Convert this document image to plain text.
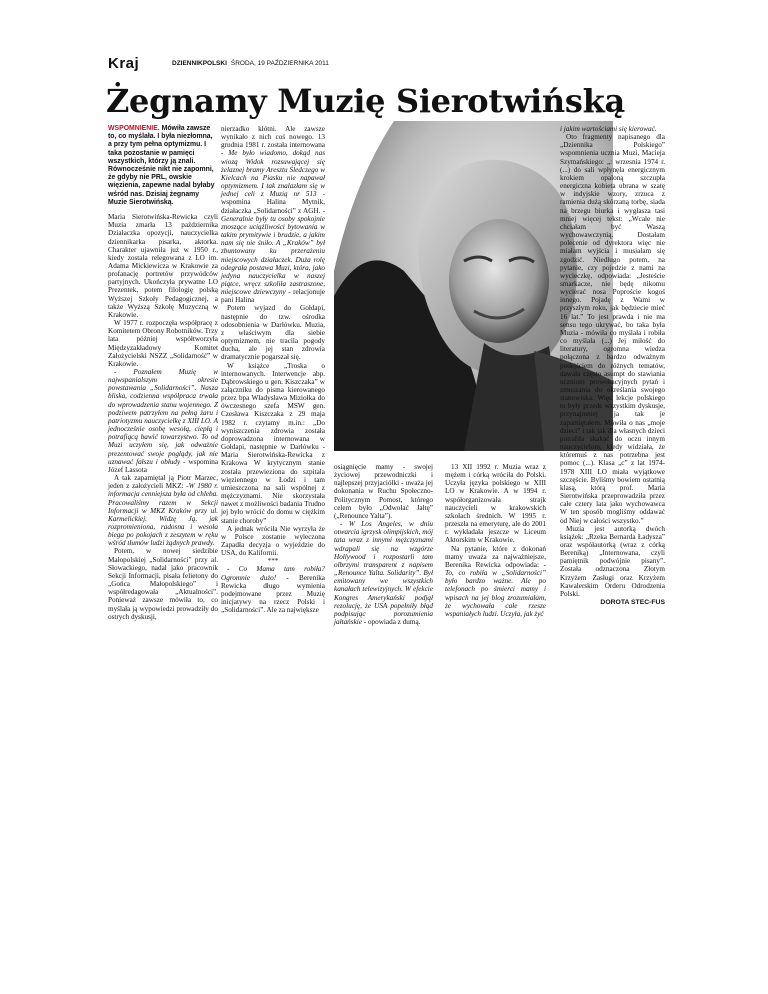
Kraj	DZIENNIKPOLSKI ŚRODA, 19 PAŹDZIERNIKA 2011
Żegnamy Muzię Sierotwińską

WSPOMNIENIE. Mówiła zawsze to, co myślała. I była niezłomna, a przy tym pełna optymizmu. I taka pozostanie w pamięci wszystkich, którzy ją znali. Równocześnie nikt nie zapomni, że gdyby nie PRL, owskie więzienia, zapewne nadal byłaby wśród nas. Dzisiaj żegnamy Muzie Sierotwińską.

Maria Sierotwińska-Rewicka czyli Muzia zmarła 13 października Działaczka opozycji, nauczycielka dziennikarka pisarka, aktorka. Charakter ujawniła już w 1950 r., kiedy została relegowana z LO im. Adama Mickiewicza w Krakowie za profanację portretów przywódców partyjnych. Ukończyła prywatne LO Prezentek, potem filologię polską Wyższej Szkoły Pedagogicznej, a także Wyższą Szkołę Muzyczną w Krakowie.

W 1977 r. rozpoczęła współpracę z Komitetem Obrony Robotników. Trzy lata później współtworzyła Międzyzakładowy Komitet Założycielski NSZZ „Solidarność” w Krakowie.

- Poznałem Muzię w najwspanialszym okresie powstawania „Solidarności”. Nasza bliska, codzienna współpraca trwała do wprowadzenia stanu wojennego. Z podziwem patrzyłem na pełną żaru i patriotyzmu nauczycielkę z XIII LO. A jednocześnie osobę wesołą, ciepłą i potrafiącą bawić towarzystwo. To od Muzi uczyłem się, jak odważnie prezentować swoje poglądy, jak nie uznawać fałszu i obłudy - wspomina Józef Lassota

A tak zapamiętał ją Piotr Marzec, jeden z założycieli MKZ: -W 1980 r. informacja cenniejsza była od chleba. Pracowaliśmy razem w Sekcji Informacji w MKZ Kraków przy ul. Karmelickiej. Widzę Ją, jak rozpromieniona, radosna i wesoła biega po pokojach z zeszytem w ręku wśród tłumów ludzi żądnych prawdy.

Potem, w nowej siedzibie Małopolskiej „Solidarności” przy al. Słowackiego, nadal jako pracownik Sekcji Informacji, pisała felietony do „Gońca Małopolskiego” i współredagowała „Aktualności”. Ponieważ zawsze mówiła to, co myślała ją wypowiedzi prowadziły do ostrych dyskusji,

nierzadko kłótni. Ale zawsze wynikało z nich coś nowego. 13 grudnia 1981 r. została internowana - Me było wiadomo, dokąd nas wiozą Widok rozsuwającej się żelaznej bramy Aresztu Śledczego w Kielcach na Piasku nie napawał optymizmem. I tak znalazłam się w jednej celi z Muzią nr 513 - wspomina Halina Mytnik, działaczka „Solidarności” z AGH. - Generalnie były tu osoby spokojnie znoszące uciążliwości bytowania w takim prymitywie i brudzie, a jakim nam się nie śniło. A „Kraków” był zbuntowany ku przerażeniu miejscowych działaczek. Duża rolę odegrała postawa Muzi, która, jako jedyna nauczycielka w naszej piątce, wręcz szkoliła zastraszone, miejscowe dziewczyny - relacjonuje pani Halina

Potem wyjazd do Gołdapi, następnie do tzw. ośrodka odosobnienia w Darłówku. Muzia, z właściwym dla siebie optymizmem, nie tracila pogody ducha, ale jej stan zdrowia dramatycznie pogarszał się.

W książce „Troska o internowanych. Interwencje abp. Dąbrowskiego u gen. Kiszczaka” w załączniku do pisma kierowanego przez bpa Władysława Miziołka do ówczesnego szefa MSW gen. Czesława Kiszczaka z 29 maja 1982 r. czytamy m.in.: „Do wyniszczenia zdrowia została doprowadzona internowana w Gołdapi, następnie w Darłówku - Maria Sierotwińska-Rewicka z Krakowa W krytycznym stanie została przewieziona do szpitala więziennego w Łodzi i tam umieszczona na sali wspólnej z mężczyznami. Nie skorzystała nawet z możliwości badania Trudno jej było wrócić do domu w ciężkim stanie choroby”

A jednak wróciła Nie wyrzyła że w Polsce zostanie wyleczona Zapadła decyzja o wyjeździe do USA, do Kalifornii.

***

- Co Mama tam robiła? Ogromnie dużo! - Berenika Rewicka długo wymienia podejmowane przez Muzię inicjatywy na rzecz Polski i „Solidarności”. Ale za największe

osiągnięcie mamy - swojej życiowej przewodniczki i najlepszej przyjaciółki - uważa jej dokonania w Ruchu Społeczno-Politycznym Pomost, którego celem było „Odwołać Jałtę” („Renounce Yalta”).

- W Los Angeles, w dniu otwarcia igrzysk olimpijskich, mój tata wraz z innymi mężczyznami wdrapali się na wzgórze Hollywood i rozpostarli tam olbrzymi transparent z napisem „Renounce Yalta. Solidarity”. Był emitowany we wszystkich kanałach telewizyjnych. W efekcie Kongres Amerykański podjął rezolucję, że USA popełniły błąd podpisując porozumienia jałtańskie - opowiada z dumą.

13 XII 1992 r. Muzia wraz z mężem i córką wróciła do Polski. Uczyła języka polskiego w XIII LO w Krakowie. A w 1994 r. współorganizowała strajk nauczycieli w krakowskich szkołach średnich. W 1995 r. przeszła na emeryturę, ale do 2001 r. wykładała jeszcze w Liceum Aktorskim w Krakowie.

Na pytanie, które z dokonań mamy uważa za najważniejsze, Berenika Rewicka odpowiada: - To, co robiła w „Solidarności” było bardzo ważne. Ale po telefonach po śmierci mamy i wpisach na jej blog zrozumiałam, że wychowała całe rzesze wspaniałych ludzi. Uczyła, jak żyć

i jakim wartościami się kierować.

Oto fragmenty napisanego dla „Dziennika Polskiego” wspomnienia ucznia Muzi, Macieja Szymańskiego: „: wrzesnia 1974 r. (...) do sali wpłynęła energicznym krokiem opaloną szczupła energiczna kobieta ubrana w szatę w indyjskie wzory, zrzuca z ramienia dużą skórzaną torbę, siada na brzegu biurka i wygłasza tasi mniej więcej tekst: „Wcale nie chciałam być Waszą wychowawczynią. Dostałam polecenie od dyrektora więc nie miałam wyjścia i musiałam się zgodzić. Niedługo potem, na pytanie, czy pojedzie z nami na wycieczkę, odpowiada: „Jesteście smarkacze, nie będę nikomu wycierać nosa Poproście kogoś innego. Pojadę z Wami w przyszłym roku, jak będziecie mieć 16 lat.” To jest prawda i nie ma sensu tego ukrywać, bo taka była Muzia - mówiła co myślała i robiła co myślała (...) Jej miłość do literatury, ogromna wiedza połączona z bardzo odważnym podejściem do różnych tematów, dawała często asumpt do stawiania uczniom prowokacyjnych pytań i zmuszania do określania swojego stanowiska. Więc lekcje polskiego to były przede wszystkim dyskusje, przynajmniej ja tak je zapamiętałem. Mówiła o nas „moje dzieci” i tak jak dla własnych dzieci potrafiła skakać do oczu innym nauczycielom, kiedy widziała, że któremuś z nas potrzebna jest pomoc (...). Klasa „c” z lat 1974-1978 XIII LO miała wyjątkowe szczęście. Byliśmy bowiem ostatnią klasą, którą prof. Maria Sierotwińska przeprowadziła przez całe cztery lata jako wychowawca W ten sposób mogliśmy oddawać od Niej w całości wszystko.”

Muzia jest autorką dwóch książek: „Rzeka Bernarda Ładysza” oraz współautorką (wraz z córką Bereniką) „Internowana, czyli pamiętnik podwójnie pisany”. Została odznaczona Złotym Krzyżem Zasługi oraz Krzyżem Kawalerskim Orderu Odrodzenia Polski.

DOROTA STEC-FUS
